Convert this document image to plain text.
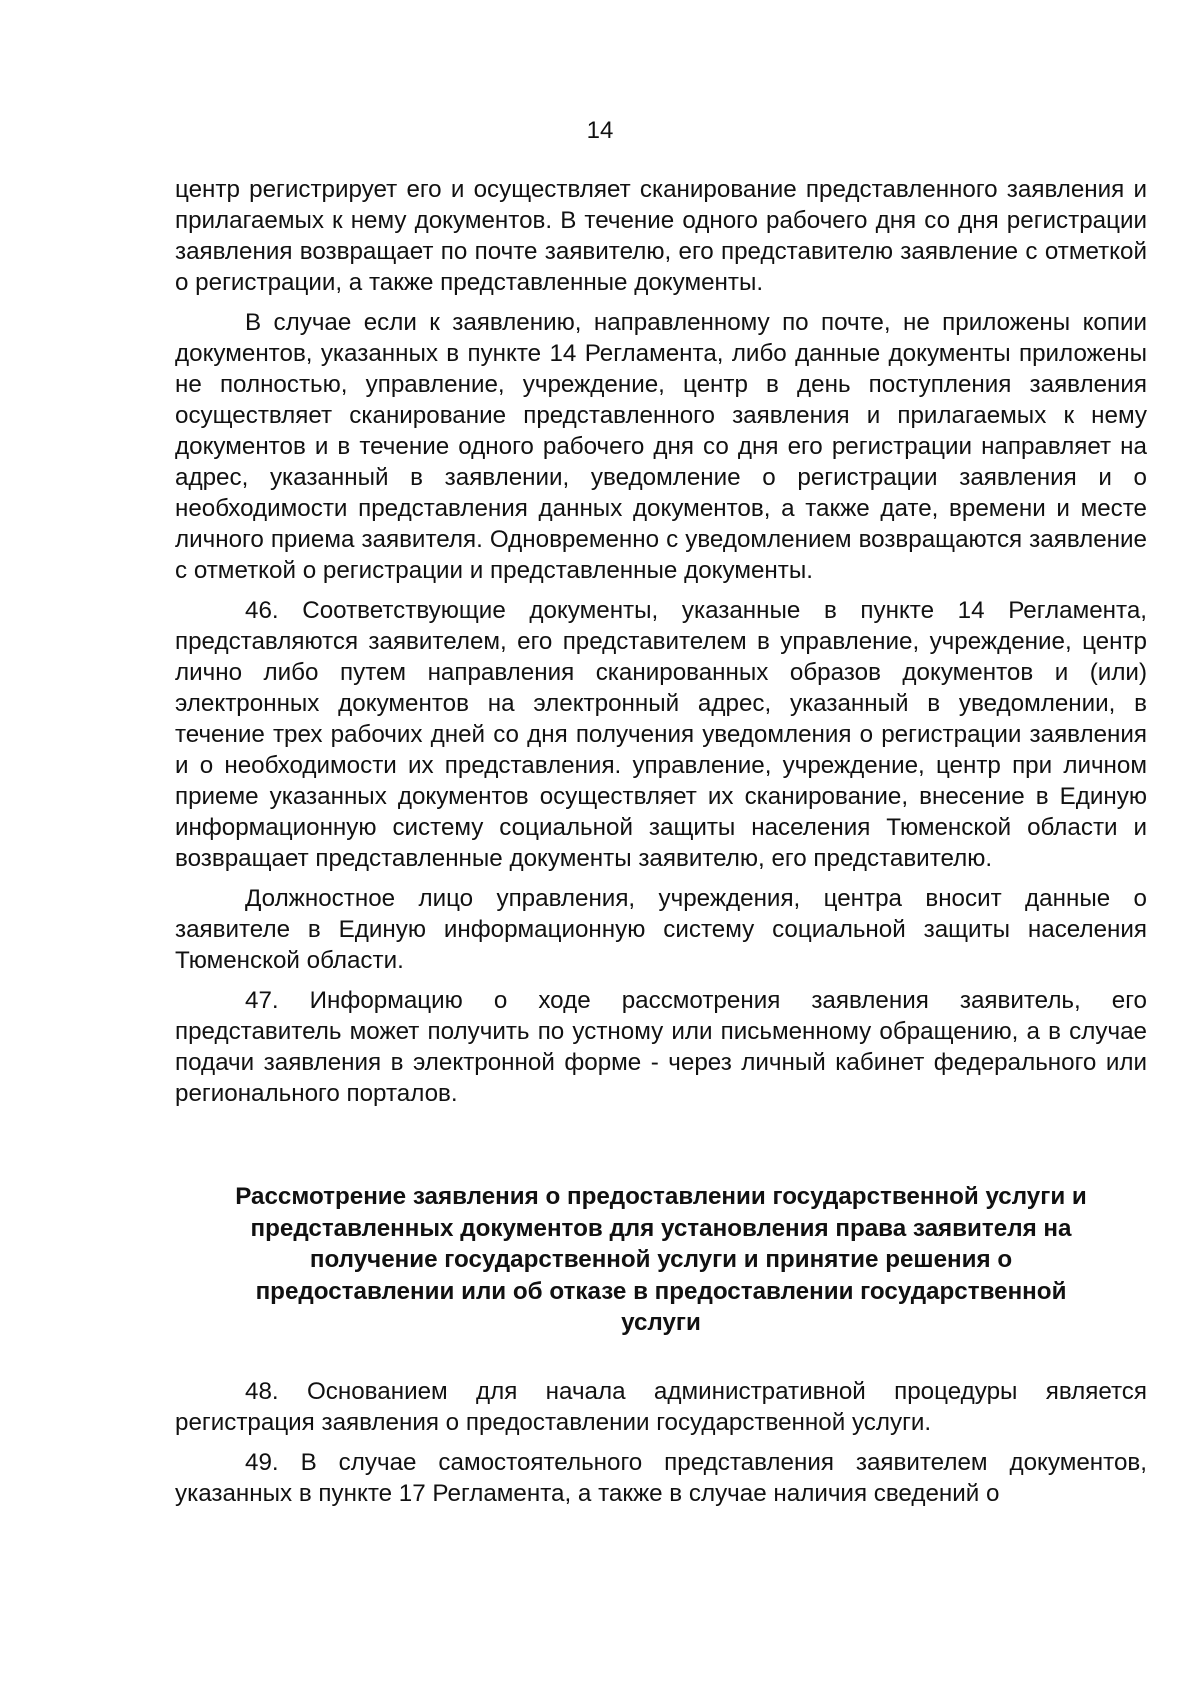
14

центр регистрирует его и осуществляет сканирование представленного заявления и прилагаемых к нему документов. В течение одного рабочего дня со дня регистрации заявления возвращает по почте заявителю, его представителю заявление с отметкой о регистрации, а также представленные документы.

В случае если к заявлению, направленному по почте, не приложены копии документов, указанных в пункте 14 Регламента, либо данные документы приложены не полностью, управление, учреждение, центр в день поступления заявления осуществляет сканирование представленного заявления и прилагаемых к нему документов и в течение одного рабочего дня со дня его регистрации направляет на адрес, указанный в заявлении, уведомление о регистрации заявления и о необходимости представления данных документов, а также дате, времени и месте личного приема заявителя. Одновременно с уведомлением возвращаются заявление с отметкой о регистрации и представленные документы.

46. Соответствующие документы, указанные в пункте 14 Регламента, представляются заявителем, его представителем в управление, учреждение, центр лично либо путем направления сканированных образов документов и (или) электронных документов на электронный адрес, указанный в уведомлении, в течение трех рабочих дней со дня получения уведомления о регистрации заявления и о необходимости их представления. управление, учреждение, центр при личном приеме указанных документов осуществляет их сканирование, внесение в Единую информационную систему социальной защиты населения Тюменской области и возвращает представленные документы заявителю, его представителю.

Должностное лицо управления, учреждения, центра вносит данные о заявителе в Единую информационную систему социальной защиты населения Тюменской области.

47. Информацию о ходе рассмотрения заявления заявитель, его представитель может получить по устному или письменному обращению, а в случае подачи заявления в электронной форме - через личный кабинет федерального или регионального порталов.

Рассмотрение заявления о предоставлении государственной услуги и представленных документов для установления права заявителя на получение государственной услуги и принятие решения о предоставлении или об отказе в предоставлении государственной услуги

48. Основанием для начала административной процедуры является регистрация заявления о предоставлении государственной услуги.

49. В случае самостоятельного представления заявителем документов, указанных в пункте 17 Регламента, а также в случае наличия сведений о
